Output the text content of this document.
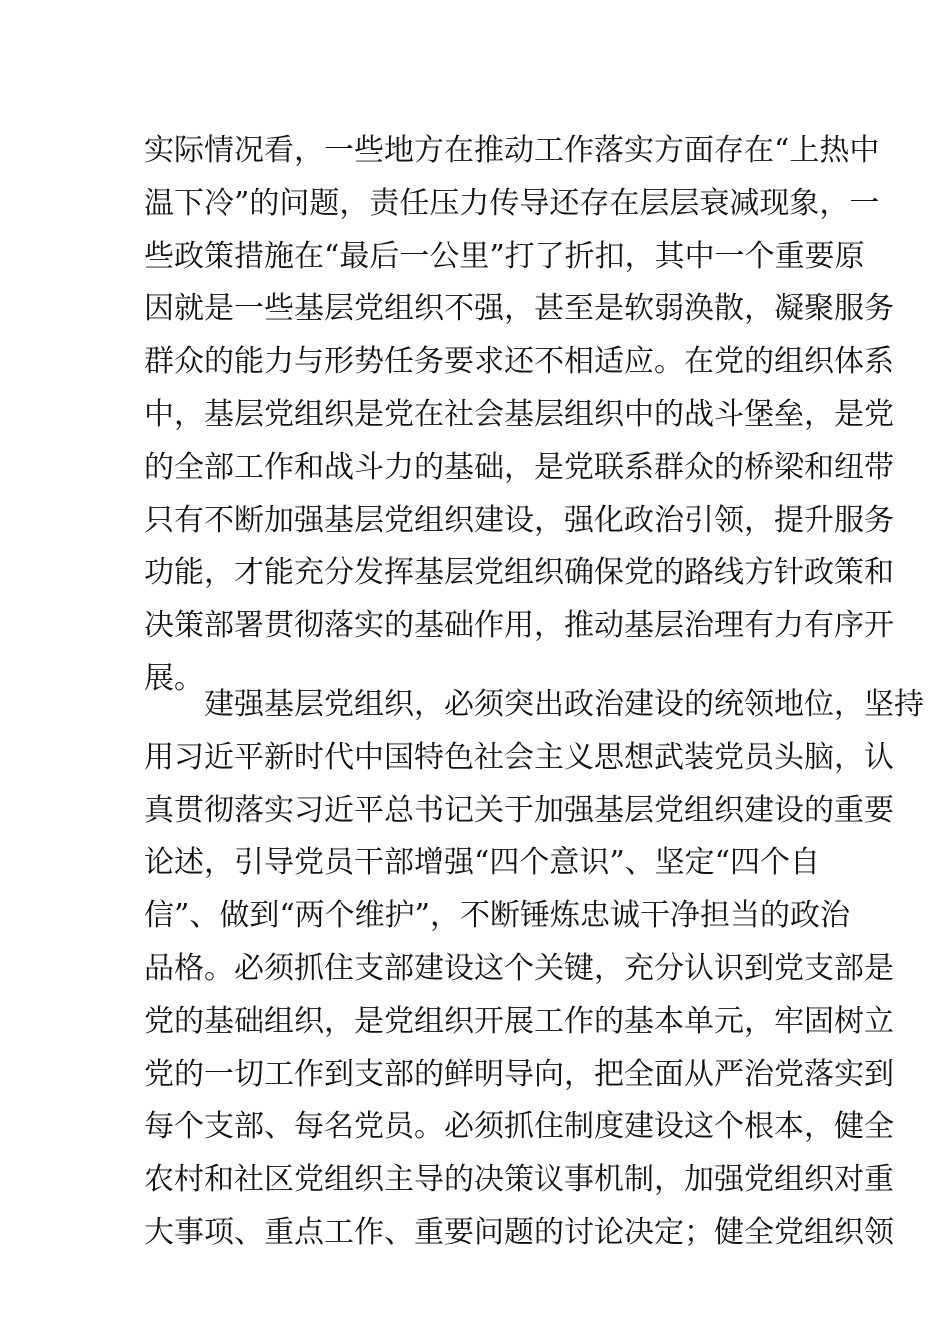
实际情况看，一些地方在推动工作落实方面存在“上热中
温下冷”的问题，责任压力传导还存在层层衰减现象，一
些政策措施在“最后一公里”打了折扣，其中一个重要原
因就是一些基层党组织不强，甚至是软弱涣散，凝聚服务
群众的能力与形势任务要求还不相适应。在党的组织体系
中，基层党组织是党在社会基层组织中的战斗堡垒，是党
的全部工作和战斗力的基础，是党联系群众的桥梁和纽带
只有不断加强基层党组织建设，强化政治引领，提升服务
功能，才能充分发挥基层党组织确保党的路线方针政策和
决策部署贯彻落实的基础作用，推动基层治理有力有序开
展。
　　建强基层党组织，必须突出政治建设的统领地位，坚持
用习近平新时代中国特色社会主义思想武装党员头脑，认
真贯彻落实习近平总书记关于加强基层党组织建设的重要
论述，引导党员干部增强“四个意识”、坚定“四个自
信”、做到“两个维护”，不断锤炼忠诚干净担当的政治
品格。必须抓住支部建设这个关键，充分认识到党支部是
党的基础组织，是党组织开展工作的基本单元，牢固树立
党的一切工作到支部的鲜明导向，把全面从严治党落实到
每个支部、每名党员。必须抓住制度建设这个根本，健全
农村和社区党组织主导的决策议事机制，加强党组织对重
大事项、重点工作、重要问题的讨论决定；健全党组织领
